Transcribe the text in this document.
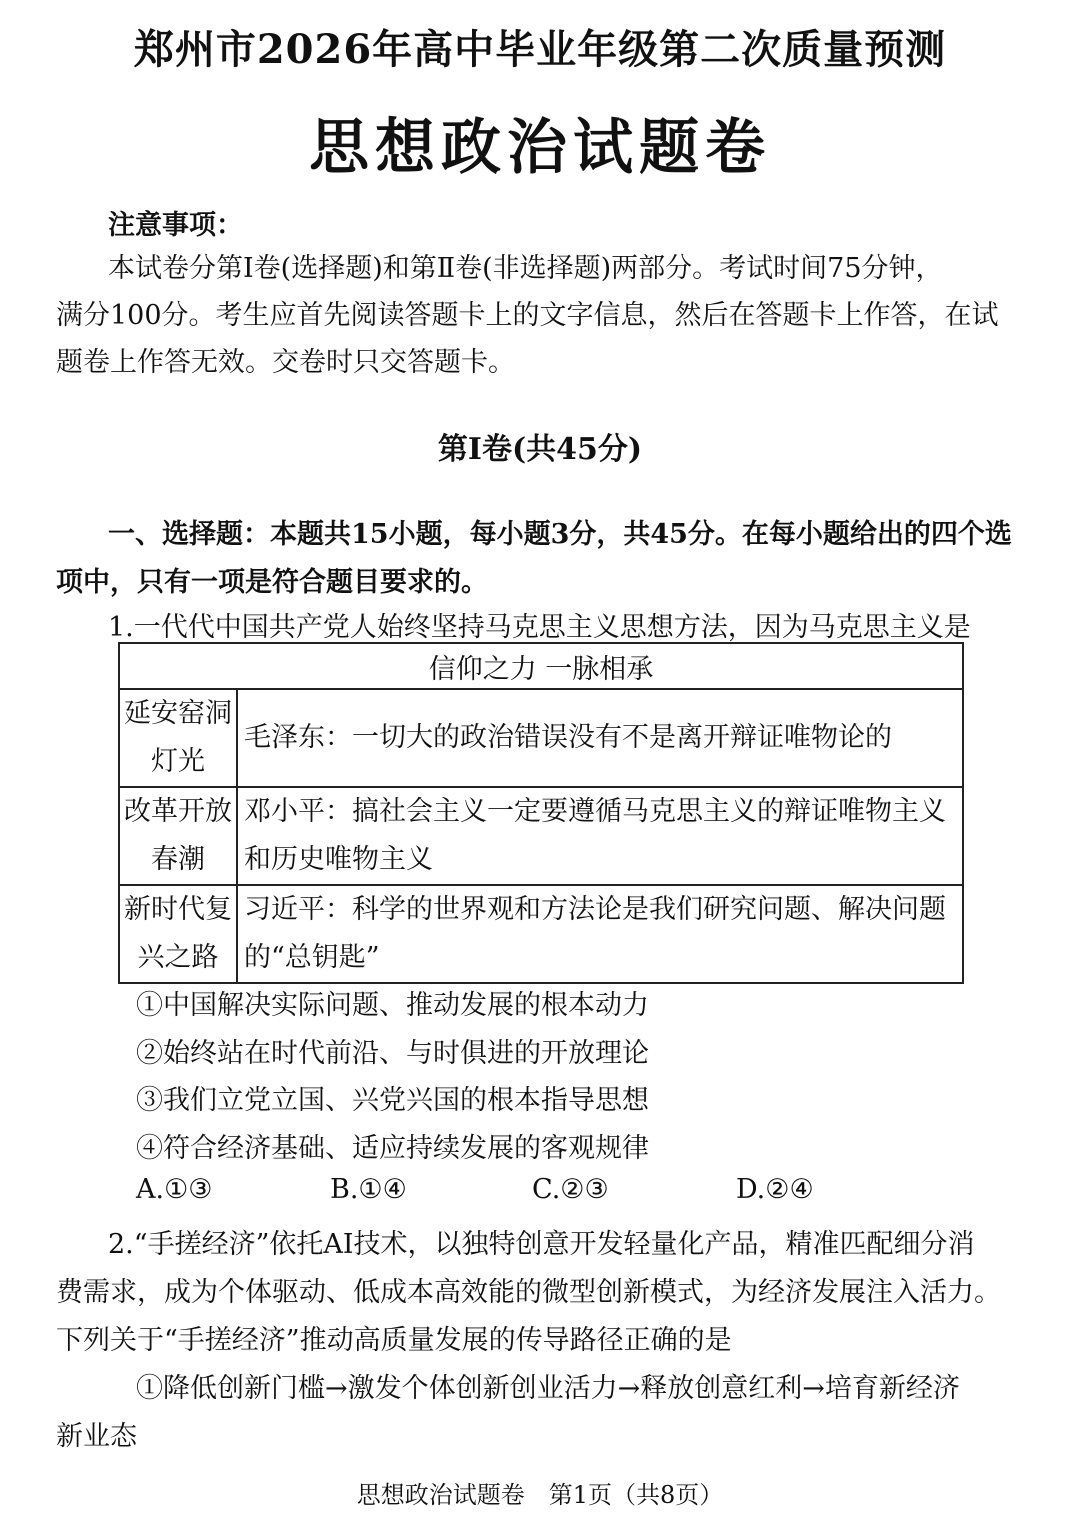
郑州市2026年高中毕业年级第二次质量预测
思想政治试题卷
注意事项：
本试卷分第Ⅰ卷(选择题)和第Ⅱ卷(非选择题)两部分。考试时间75分钟，
满分100分。考生应首先阅读答题卡上的文字信息，然后在答题卡上作答，在试
题卷上作答无效。交卷时只交答题卡。
第Ⅰ卷(共45分)
一、选择题：本题共15小题，每小题3分，共45分。在每小题给出的四个选
项中，只有一项是符合题目要求的。
1.一代代中国共产党人始终坚持马克思主义思想方法，因为马克思主义是
信仰之力 一脉相承	
延安窑洞灯光	毛泽东：一切大的政治错误没有不是离开辩证唯物论的
改革开放春潮	邓小平：搞社会主义一定要遵循马克思主义的辩证唯物主义和历史唯物主义
新时代复兴之路	习近平：科学的世界观和方法论是我们研究问题、解决问题的“总钥匙”
①中国解决实际问题、推动发展的根本动力
②始终站在时代前沿、与时俱进的开放理论
③我们立党立国、兴党兴国的根本指导思想
④符合经济基础、适应持续发展的客观规律
A.①③	B.①④	C.②③	D.②④
2.“手搓经济”依托AI技术，以独特创意开发轻量化产品，精准匹配细分消
费需求，成为个体驱动、低成本高效能的微型创新模式，为经济发展注入活力。
下列关于“手搓经济”推动高质量发展的传导路径正确的是
①降低创新门槛→激发个体创新创业活力→释放创意红利→培育新经济
新业态
思想政治试题卷　第1页（共8页）
